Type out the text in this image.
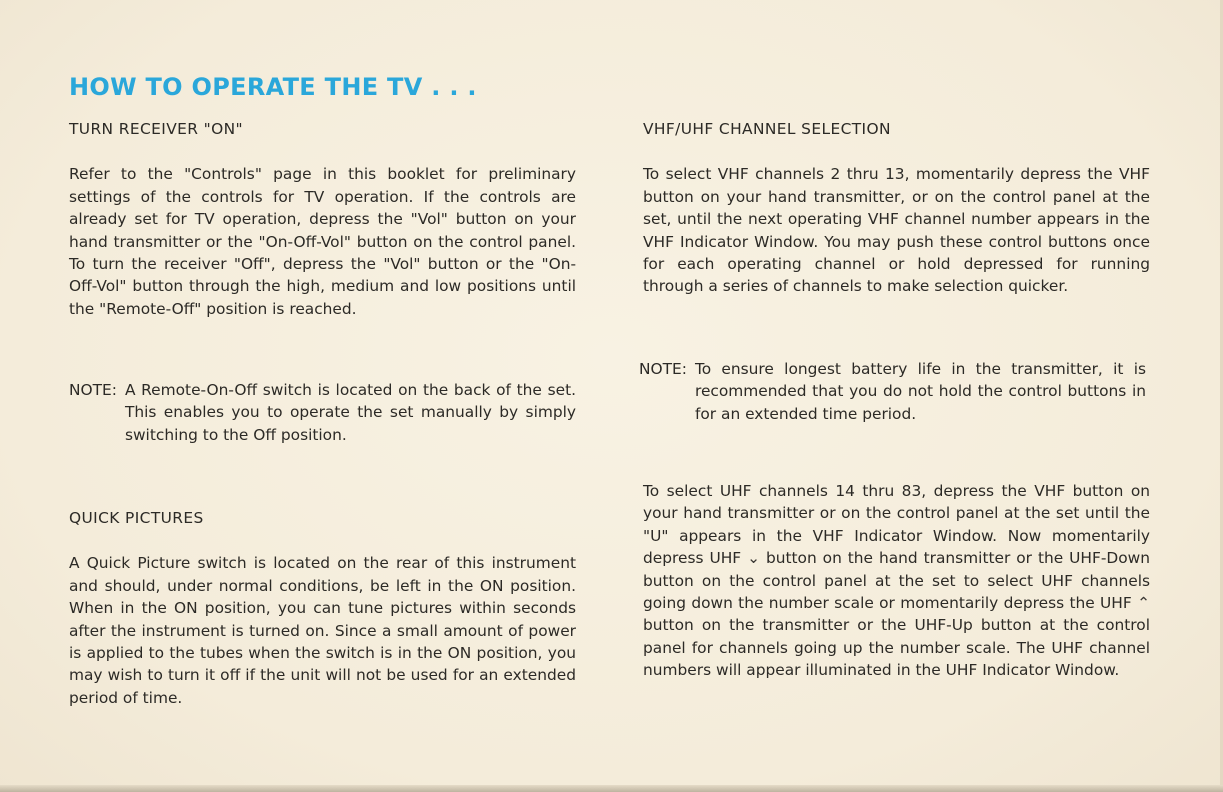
HOW TO OPERATE THE TV . . .
TURN RECEIVER "ON"

Refer to the "Controls" page in this booklet for preliminary settings of the controls for TV operation. If the controls are already set for TV operation, depress the "Vol" button on your hand transmitter or the "On-Off-Vol" button on the control panel. To turn the receiver "Off", depress the "Vol" button or the "On-Off-Vol" button through the high, medium and low positions until the "Remote-Off" position is reached.

NOTE: A Remote-On-Off switch is located on the back of the set. This enables you to operate the set manually by simply switching to the Off position.
QUICK PICTURES

A Quick Picture switch is located on the rear of this instrument and should, under normal conditions, be left in the ON position. When in the ON position, you can tune pictures within seconds after the instrument is turned on. Since a small amount of power is applied to the tubes when the switch is in the ON position, you may wish to turn it off if the unit will not be used for an extended period of time.

VHF/UHF CHANNEL SELECTION

To select VHF channels 2 thru 13, momentarily depress the VHF button on your hand transmitter, or on the control panel at the set, until the next operating VHF channel number appears in the VHF Indicator Window. You may push these control buttons once for each operating channel or hold depressed for running through a series of channels to make selection quicker.

NOTE: To ensure longest battery life in the transmitter, it is recommended that you do not hold the control buttons in for an extended time period.

To select UHF channels 14 thru 83, depress the VHF button on your hand transmitter or on the control panel at the set until the "U" appears in the VHF Indicator Window. Now momentarily depress UHF ⌄ button on the hand transmitter or the UHF-Down button on the control panel at the set to select UHF channels going down the number scale or momentarily depress the UHF ⌃ button on the transmitter or the UHF-Up button at the control panel for channels going up the number scale. The UHF channel numbers will appear illuminated in the UHF Indicator Window.
